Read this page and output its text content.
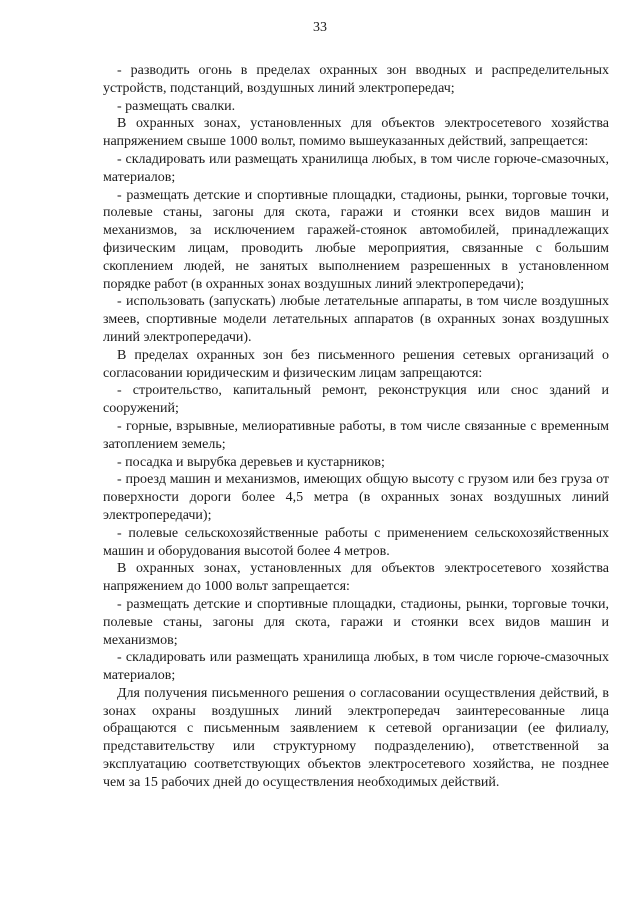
33

- разводить огонь в пределах охранных зон вводных и распределительных устройств, подстанций, воздушных линий электропередач;

- размещать свалки.

В охранных зонах, установленных для объектов электросетевого хозяйства напряжением свыше 1000 вольт, помимо вышеуказанных действий, запрещается:

- складировать или размещать хранилища любых, в том числе горюче-смазочных, материалов;

- размещать детские и спортивные площадки, стадионы, рынки, торговые точки, полевые станы, загоны для скота, гаражи и стоянки всех видов машин и механизмов, за исключением гаражей-стоянок автомобилей, принадлежащих физическим лицам, проводить любые мероприятия, связанные с большим скоплением людей, не занятых выполнением разрешенных в установленном порядке работ (в охранных зонах воздушных линий электропередачи);

- использовать (запускать) любые летательные аппараты, в том числе воздушных змеев, спортивные модели летательных аппаратов (в охранных зонах воздушных линий электропередачи).

В пределах охранных зон без письменного решения сетевых организаций о согласовании юридическим и физическим лицам запрещаются:

- строительство, капитальный ремонт, реконструкция или снос зданий и сооружений;

- горные, взрывные, мелиоративные работы, в том числе связанные с временным затоплением земель;

- посадка и вырубка деревьев и кустарников;

- проезд машин и механизмов, имеющих общую высоту с грузом или без груза от поверхности дороги более 4,5 метра (в охранных зонах воздушных линий электропередачи);

- полевые сельскохозяйственные работы с применением сельскохозяйственных машин и оборудования высотой более 4 метров.

В охранных зонах, установленных для объектов электросетевого хозяйства напряжением до 1000 вольт запрещается:

- размещать детские и спортивные площадки, стадионы, рынки, торговые точки, полевые станы, загоны для скота, гаражи и стоянки всех видов машин и механизмов;

- складировать или размещать хранилища любых, в том числе горюче-смазочных материалов;

Для получения письменного решения о согласовании осуществления действий, в зонах охраны воздушных линий электропередач заинтересованные лица обращаются с письменным заявлением к сетевой организации (ее филиалу, представительству или структурному подразделению), ответственной за эксплуатацию соответствующих объектов электросетевого хозяйства, не позднее чем за 15 рабочих дней до осуществления необходимых действий.
